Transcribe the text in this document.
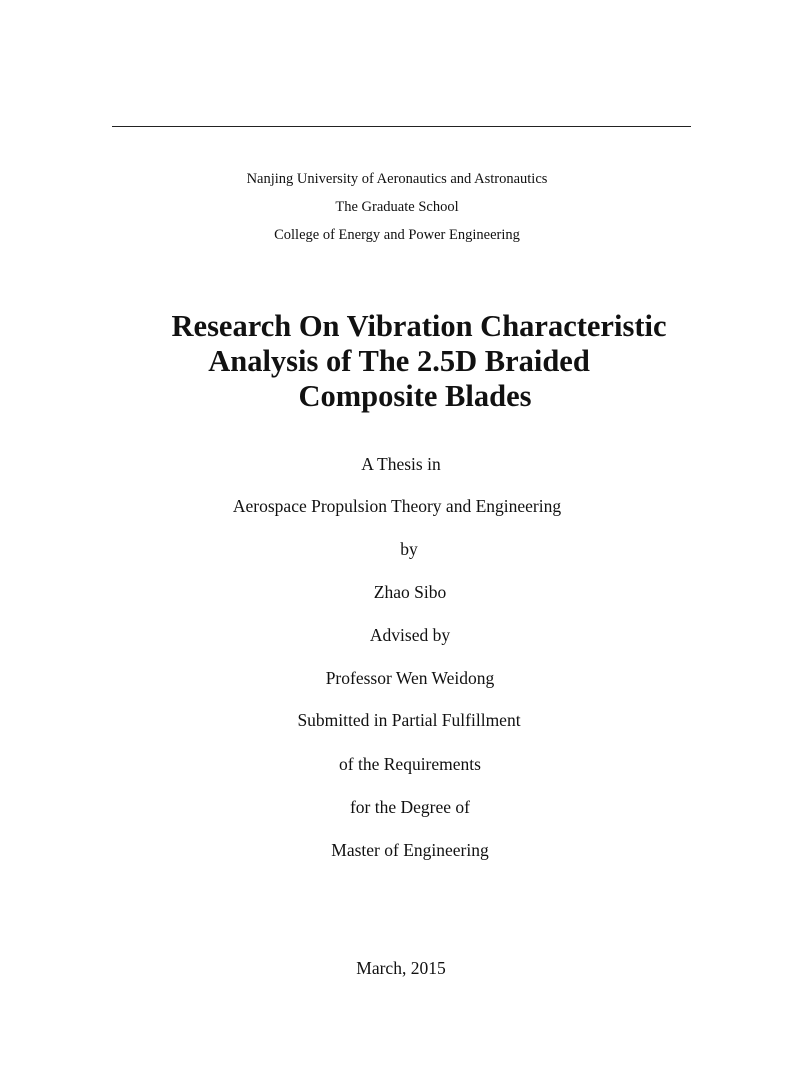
Nanjing University of Aeronautics and Astronautics
The Graduate School
College of Energy and Power Engineering
Research On Vibration Characteristic
Analysis of The 2.5D Braided
Composite Blades
A Thesis in
Aerospace Propulsion Theory and Engineering
by
Zhao Sibo
Advised by
Professor Wen Weidong
Submitted in Partial Fulfillment
of the Requirements
for the Degree of
Master of Engineering
March, 2015
